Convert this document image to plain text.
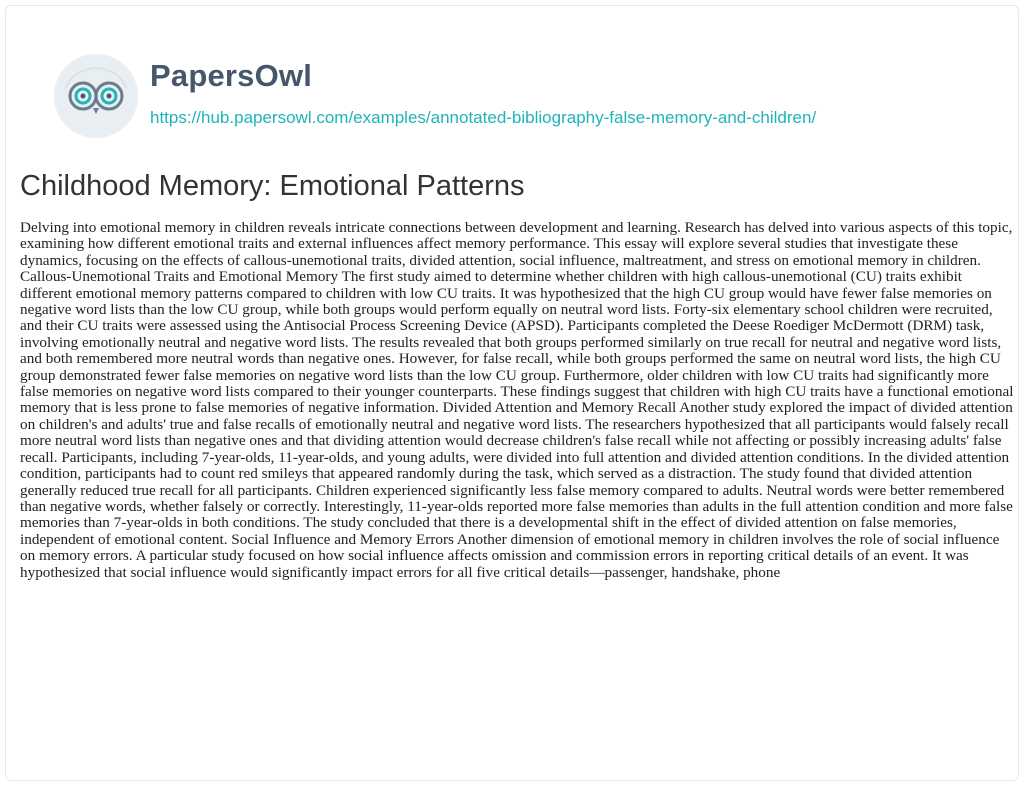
PapersOwl
https://hub.papersowl.com/examples/annotated-bibliography-false-memory-and-children/
Childhood Memory: Emotional Patterns

Delving into emotional memory in children reveals intricate connections between development and learning. Research has delved into various aspects of this topic, examining how different emotional traits and external influences affect memory performance. This essay will explore several studies that investigate these dynamics, focusing on the effects of callous-unemotional traits, divided attention, social influence, maltreatment, and stress on emotional memory in children. Callous-Unemotional Traits and Emotional Memory The first study aimed to determine whether children with high callous-unemotional (CU) traits exhibit different emotional memory patterns compared to children with low CU traits. It was hypothesized that the high CU group would have fewer false memories on negative word lists than the low CU group, while both groups would perform equally on neutral word lists. Forty-six elementary school children were recruited, and their CU traits were assessed using the Antisocial Process Screening Device (APSD). Participants completed the Deese Roediger McDermott (DRM) task, involving emotionally neutral and negative word lists. The results revealed that both groups performed similarly on true recall for neutral and negative word lists, and both remembered more neutral words than negative ones. However, for false recall, while both groups performed the same on neutral word lists, the high CU group demonstrated fewer false memories on negative word lists than the low CU group. Furthermore, older children with low CU traits had significantly more false memories on negative word lists compared to their younger counterparts. These findings suggest that children with high CU traits have a functional emotional memory that is less prone to false memories of negative information. Divided Attention and Memory Recall Another study explored the impact of divided attention on children's and adults' true and false recalls of emotionally neutral and negative word lists. The researchers hypothesized that all participants would falsely recall more neutral word lists than negative ones and that dividing attention would decrease children's false recall while not affecting or possibly increasing adults' false recall. Participants, including 7-year-olds, 11-year-olds, and young adults, were divided into full attention and divided attention conditions. In the divided attention condition, participants had to count red smileys that appeared randomly during the task, which served as a distraction. The study found that divided attention generally reduced true recall for all participants. Children experienced significantly less false memory compared to adults. Neutral words were better remembered than negative words, whether falsely or correctly. Interestingly, 11-year-olds reported more false memories than adults in the full attention condition and more false memories than 7-year-olds in both conditions. The study concluded that there is a developmental shift in the effect of divided attention on false memories, independent of emotional content. Social Influence and Memory Errors Another dimension of emotional memory in children involves the role of social influence on memory errors. A particular study focused on how social influence affects omission and commission errors in reporting critical details of an event. It was hypothesized that social influence would significantly impact errors for all five critical details—passenger, handshake, phone
